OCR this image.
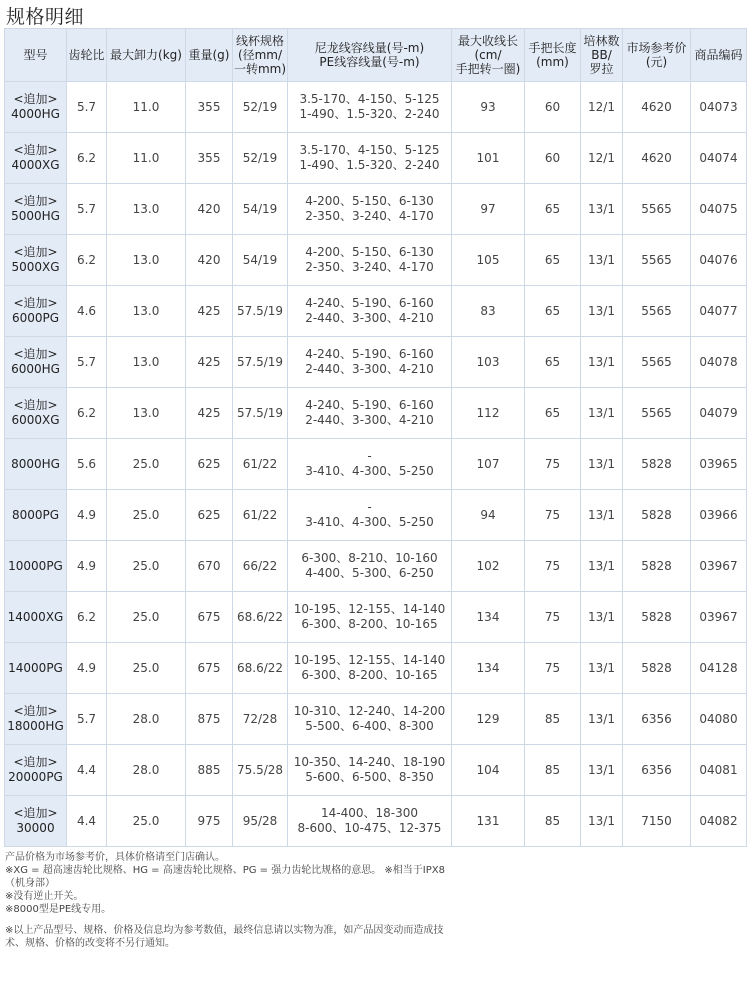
规格明细
型号	齿轮比	最大卸力(kg)	重量(g)	线杯规格
(径mm/
一转mm)	尼龙线容线量(号-m)
PE线容线量(号-m)	最大收线长
(cm/
手把转一圈)	手把长度
(mm)	培林数
BB/
罗拉	市场参考价
(元)	商品编码

<追加>
4000HG	5.7	11.0	355	52/19	3.5-170、4-150、5-125
1-490、1.5-320、2-240	93	60	12/1	4620	04073

<追加>
4000XG	6.2	11.0	355	52/19	3.5-170、4-150、5-125
1-490、1.5-320、2-240	101	60	12/1	4620	04074

<追加>
5000HG	5.7	13.0	420	54/19	4-200、5-150、6-130
2-350、3-240、4-170	97	65	13/1	5565	04075

<追加>
5000XG	6.2	13.0	420	54/19	4-200、5-150、6-130
2-350、3-240、4-170	105	65	13/1	5565	04076

<追加>
6000PG	4.6	13.0	425	57.5/19	4-240、5-190、6-160
2-440、3-300、4-210	83	65	13/1	5565	04077

<追加>
6000HG	5.7	13.0	425	57.5/19	4-240、5-190、6-160
2-440、3-300、4-210	103	65	13/1	5565	04078

<追加>
6000XG	6.2	13.0	425	57.5/19	4-240、5-190、6-160
2-440、3-300、4-210	112	65	13/1	5565	04079

8000HG	5.6	25.0	625	61/22	-
3-410、4-300、5-250	107	75	13/1	5828	03965

8000PG	4.9	25.0	625	61/22	-
3-410、4-300、5-250	94	75	13/1	5828	03966

10000PG	4.9	25.0	670	66/22	6-300、8-210、10-160
4-400、5-300、6-250	102	75	13/1	5828	03967

14000XG	6.2	25.0	675	68.6/22	10-195、12-155、14-140
6-300、8-200、10-165	134	75	13/1	5828	03967

14000PG	4.9	25.0	675	68.6/22	10-195、12-155、14-140
6-300、8-200、10-165	134	75	13/1	5828	04128

<追加>
18000HG	5.7	28.0	875	72/28	10-310、12-240、14-200
5-500、6-400、8-300	129	85	13/1	6356	04080

<追加>
20000PG	4.4	28.0	885	75.5/28	10-350、14-240、18-190
5-600、6-500、8-350	104	85	13/1	6356	04081

<追加>
30000	4.4	25.0	975	95/28	14-400、18-300
8-600、10-475、12-375	131	85	13/1	7150	04082
产品价格为市场参考价，具体价格请至门店确认。
※XG = 超高速齿轮比规格、HG = 高速齿轮比规格、PG = 强力齿轮比规格的意思。 ※相当于IPX8（机身部）
※没有逆止开关。
※8000型是PE线专用。
※以上产品型号、规格、价格及信息均为参考数值，最终信息请以实物为准，如产品因变动而造成技术、规格、价格的改变将不另行通知。
